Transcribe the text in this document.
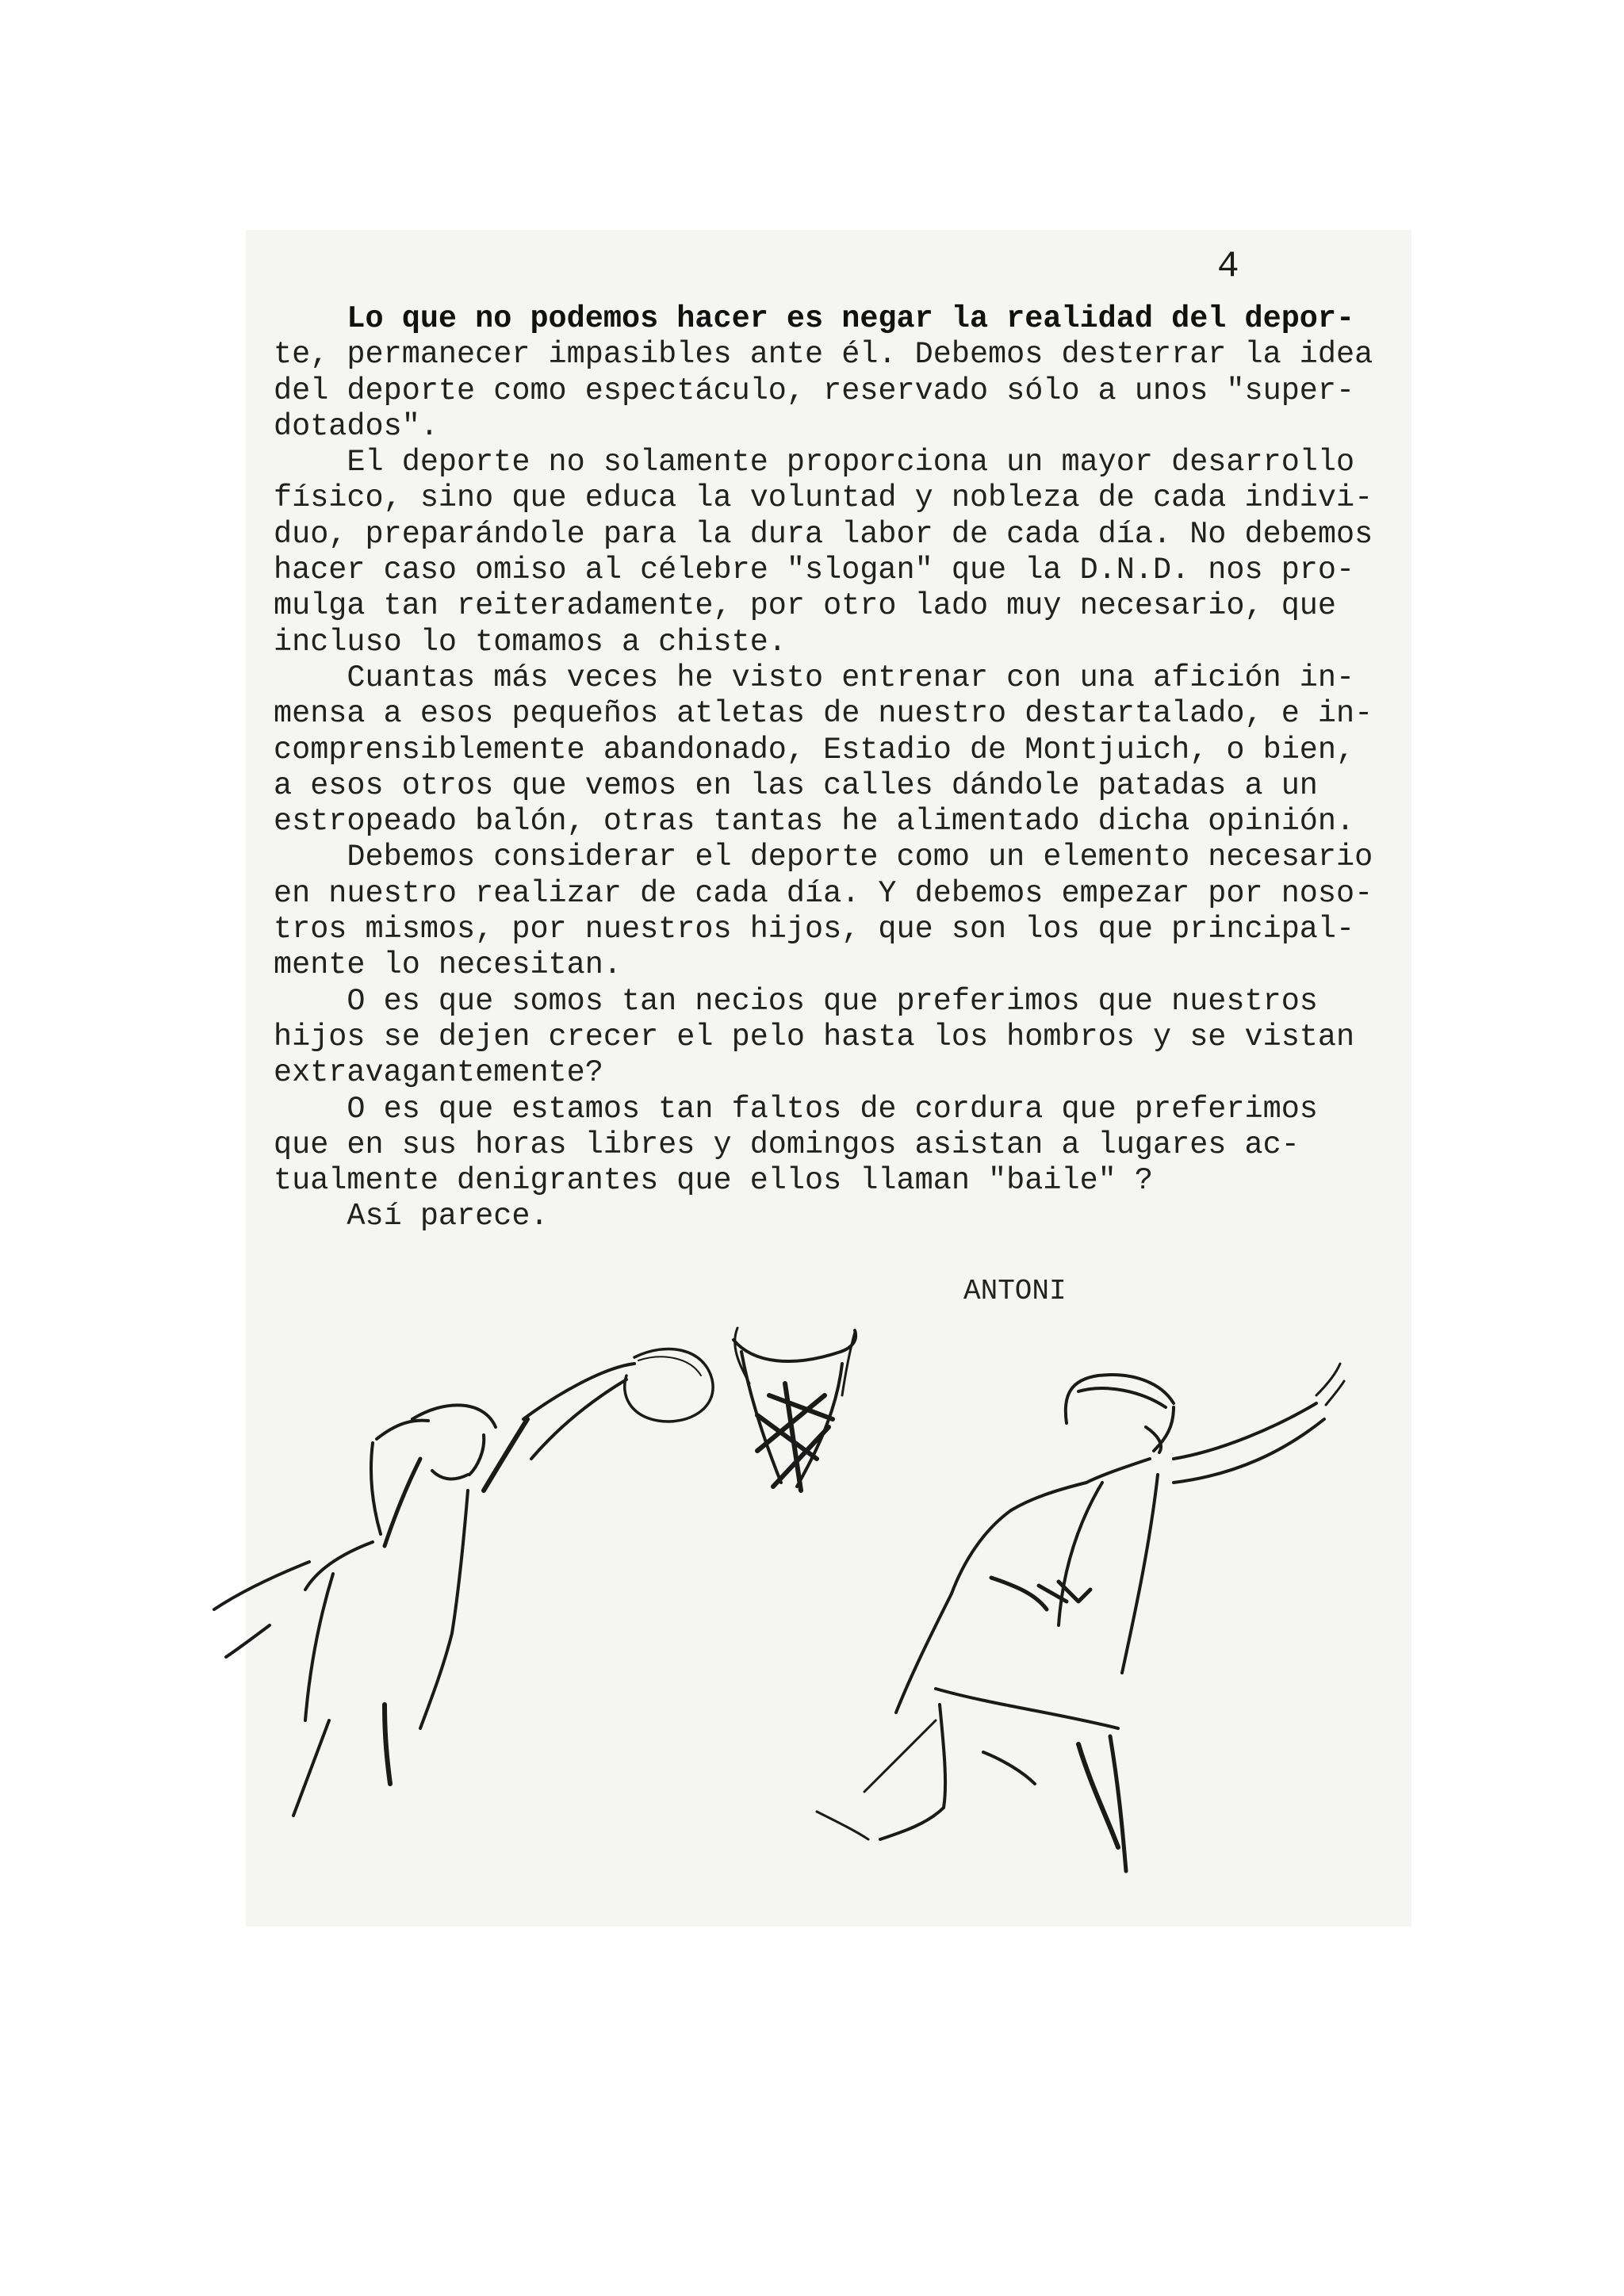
4
Lo que no podemos hacer es negar la realidad del depor-
te, permanecer impasibles ante él. Debemos desterrar la idea
del deporte como espectáculo, reservado sólo a unos "super-
dotados".
El deporte no solamente proporciona un mayor desarrollo
físico, sino que educa la voluntad y nobleza de cada indivi-
duo, preparándole para la dura labor de cada día. No debemos
hacer caso omiso al célebre "slogan" que la D.N.D. nos pro-
mulga tan reiteradamente, por otro lado muy necesario, que
incluso lo tomamos a chiste.
Cuantas más veces he visto entrenar con una afición in-
mensa a esos pequeños atletas de nuestro destartalado, e in-
comprensiblemente abandonado, Estadio de Montjuich, o bien,
a esos otros que vemos en las calles dándole patadas a un
estropeado balón, otras tantas he alimentado dicha opinión.
Debemos considerar el deporte como un elemento necesario
en nuestro realizar de cada día. Y debemos empezar por noso-
tros mismos, por nuestros hijos, que son los que principal-
mente lo necesitan.
O es que somos tan necios que preferimos que nuestros
hijos se dejen crecer el pelo hasta los hombros y se vistan
extravagantemente?
O es que estamos tan faltos de cordura que preferimos
que en sus horas libres y domingos asistan a lugares ac-
tualmente denigrantes que ellos llaman "baile" ?
Así parece.
ANTONI
